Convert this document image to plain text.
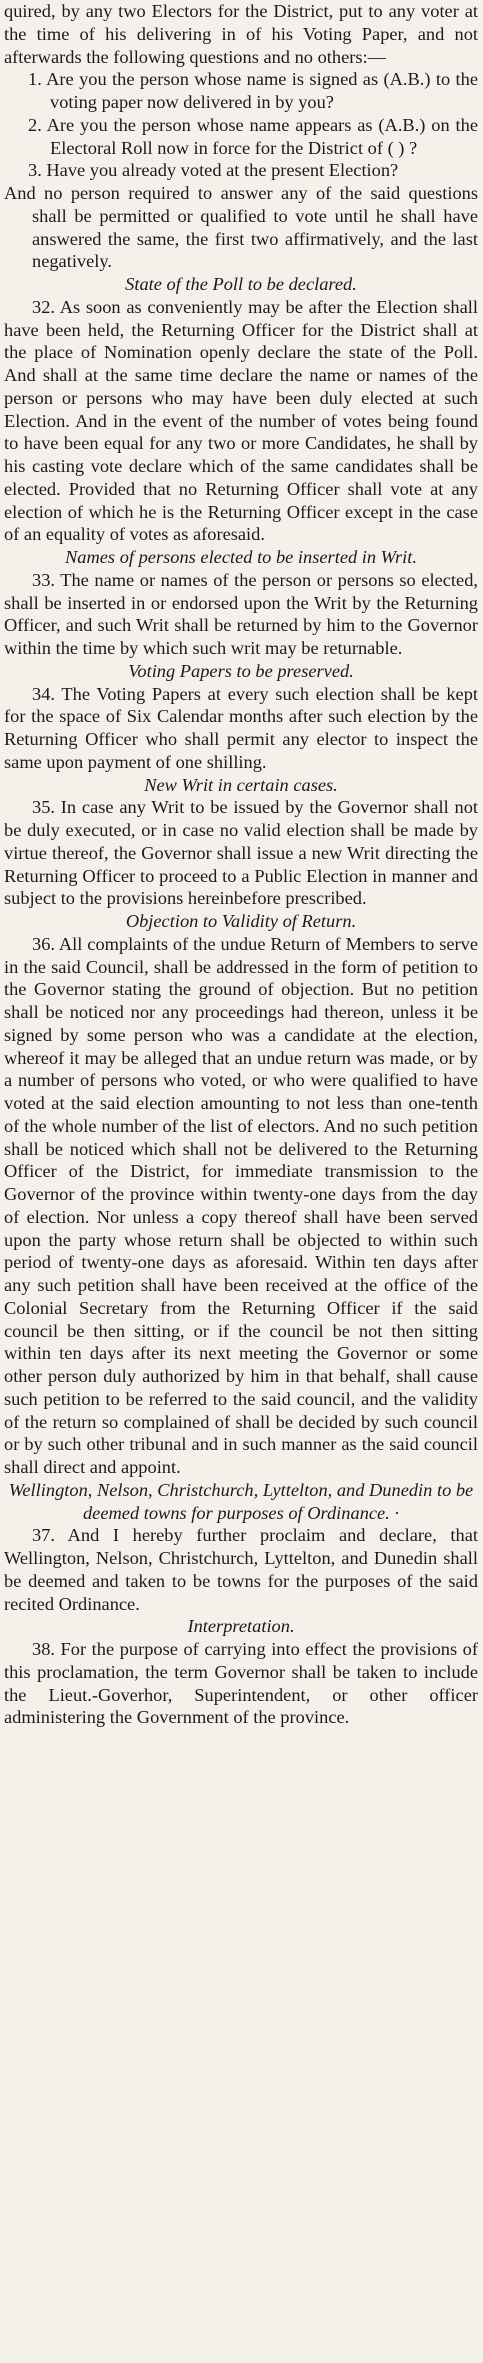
quired, by any two Electors for the District, put to any voter at the time of his delivering in of his Voting Paper, and not afterwards the following questions and no others:—

1. Are you the person whose name is signed as (A.B.) to the voting paper now delivered in by you?

2. Are you the person whose name appears as (A.B.) on the Electoral Roll now in force for the District of ( ) ?

3. Have you already voted at the present Election?

And no person required to answer any of the said questions shall be permitted or qualified to vote until he shall have answered the same, the first two affirmatively, and the last negatively.

State of the Poll to be declared.

32. As soon as conveniently may be after the Election shall have been held, the Returning Officer for the District shall at the place of Nomination openly declare the state of the Poll. And shall at the same time declare the name or names of the person or persons who may have been duly elected at such Election. And in the event of the number of votes being found to have been equal for any two or more Candidates, he shall by his casting vote declare which of the same candidates shall be elected. Provided that no Returning Officer shall vote at any election of which he is the Returning Officer except in the case of an equality of votes as aforesaid.

Names of persons elected to be inserted in Writ.

33. The name or names of the person or persons so elected, shall be inserted in or endorsed upon the Writ by the Returning Officer, and such Writ shall be returned by him to the Governor within the time by which such writ may be returnable.

Voting Papers to be preserved.

34. The Voting Papers at every such election shall be kept for the space of Six Calendar months after such election by the Returning Officer who shall permit any elector to inspect the same upon payment of one shilling.

New Writ in certain cases.

35. In case any Writ to be issued by the Governor shall not be duly executed, or in case no valid election shall be made by virtue thereof, the Governor shall issue a new Writ directing the Returning Officer to proceed to a Public Election in manner and subject to the provisions hereinbefore prescribed.

Objection to Validity of Return.

36. All complaints of the undue Return of Members to serve in the said Council, shall be addressed in the form of petition to the Governor stating the ground of objection. But no petition shall be noticed nor any proceedings had thereon, unless it be signed by some person who was a candidate at the election, whereof it may be alleged that an undue return was made, or by a number of persons who voted, or who were qualified to have voted at the said election amounting to not less than one-tenth of the whole number of the list of electors. And no such petition shall be noticed which shall not be delivered to the Returning Officer of the District, for immediate transmission to the Governor of the province within twenty-one days from the day of election. Nor unless a copy thereof shall have been served upon the party whose return shall be objected to within such period of twenty-one days as aforesaid. Within ten days after any such petition shall have been received at the office of the Colonial Secretary from the Returning Officer if the said council be then sitting, or if the council be not then sitting within ten days after its next meeting the Governor or some other person duly authorized by him in that behalf, shall cause such petition to be referred to the said council, and the validity of the return so complained of shall be decided by such council or by such other tribunal and in such manner as the said council shall direct and appoint.

Wellington, Nelson, Christchurch, Lyttelton, and Dunedin to be deemed towns for purposes of Ordinance. ·

37. And I hereby further proclaim and declare, that Wellington, Nelson, Christchurch, Lyttelton, and Dunedin shall be deemed and taken to be towns for the purposes of the said recited Ordinance.

Interpretation.

38. For the purpose of carrying into effect the provisions of this proclamation, the term Governor shall be taken to include the Lieut.-Goverhor, Superintendent, or other officer administering the Government of the province.
